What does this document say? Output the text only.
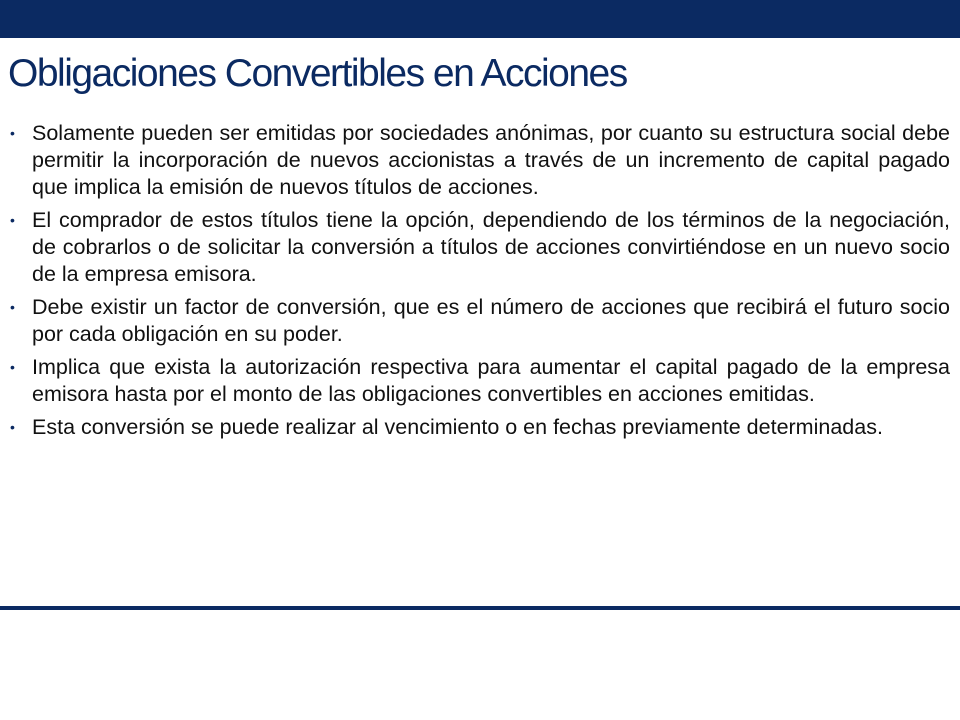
Obligaciones Convertibles en Acciones
• Solamente pueden ser emitidas por sociedades anónimas, por cuanto su estructura social debe permitir la incorporación de nuevos accionistas a través de un incremento de capital pagado que implica la emisión de nuevos títulos de acciones.
• El comprador de estos títulos tiene la opción, dependiendo de los términos de la negociación, de cobrarlos o de solicitar la conversión a títulos de acciones convirtiéndose en un nuevo socio de la empresa emisora.
• Debe existir un factor de conversión, que es el número de acciones que recibirá el futuro socio por cada obligación en su poder.
• Implica que exista la autorización respectiva para aumentar el capital pagado de la empresa emisora hasta por el monto de las obligaciones convertibles en acciones emitidas.
• Esta conversión se puede realizar al vencimiento o en fechas previamente determinadas.
